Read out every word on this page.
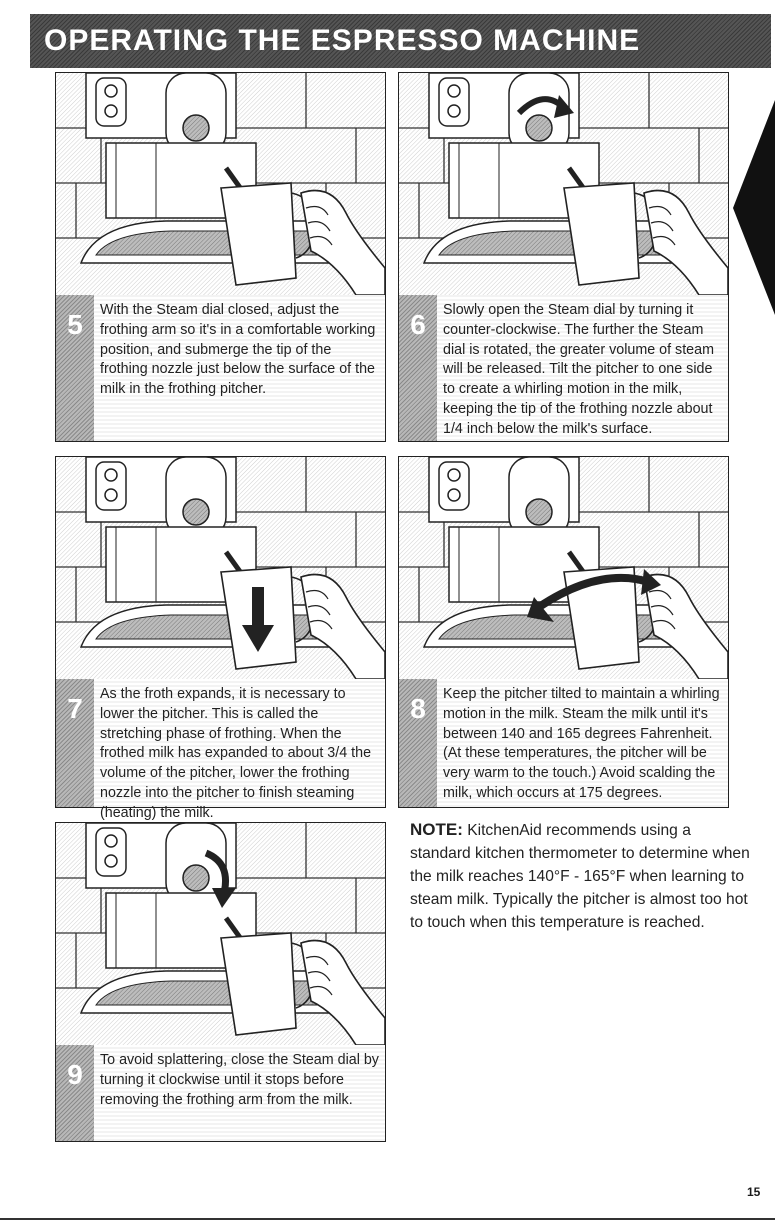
OPERATING THE ESPRESSO MACHINE
English
5	With the Steam dial closed, adjust the frothing arm so it's in a comfortable working position, and submerge the tip of the frothing nozzle just below the surface of the milk in the frothing pitcher.
6	Slowly open the Steam dial by turning it counter-clockwise. The further the Steam dial is rotated, the greater volume of steam will be released. Tilt the pitcher to one side to create a whirling motion in the milk, keeping the tip of the frothing nozzle about 1/4 inch below the milk's surface.
7	As the froth expands, it is necessary to lower the pitcher. This is called the stretching phase of frothing. When the frothed milk has expanded to about 3/4 the volume of the pitcher, lower the frothing nozzle into the pitcher to finish steaming (heating) the milk.
8	Keep the pitcher tilted to maintain a whirling motion in the milk. Steam the milk until it's between 140 and 165 degrees Fahrenheit. (At these temperatures, the pitcher will be very warm to the touch.) Avoid scalding the milk, which occurs at 175 degrees.
9	To avoid splattering, close the Steam dial by turning it clockwise until it stops before removing the frothing arm from the milk.
NOTE: KitchenAid recommends using a standard kitchen thermometer to determine when the milk reaches 140°F - 165°F when learning to steam milk. Typically the pitcher is almost too hot to touch when this temperature is reached.
15
